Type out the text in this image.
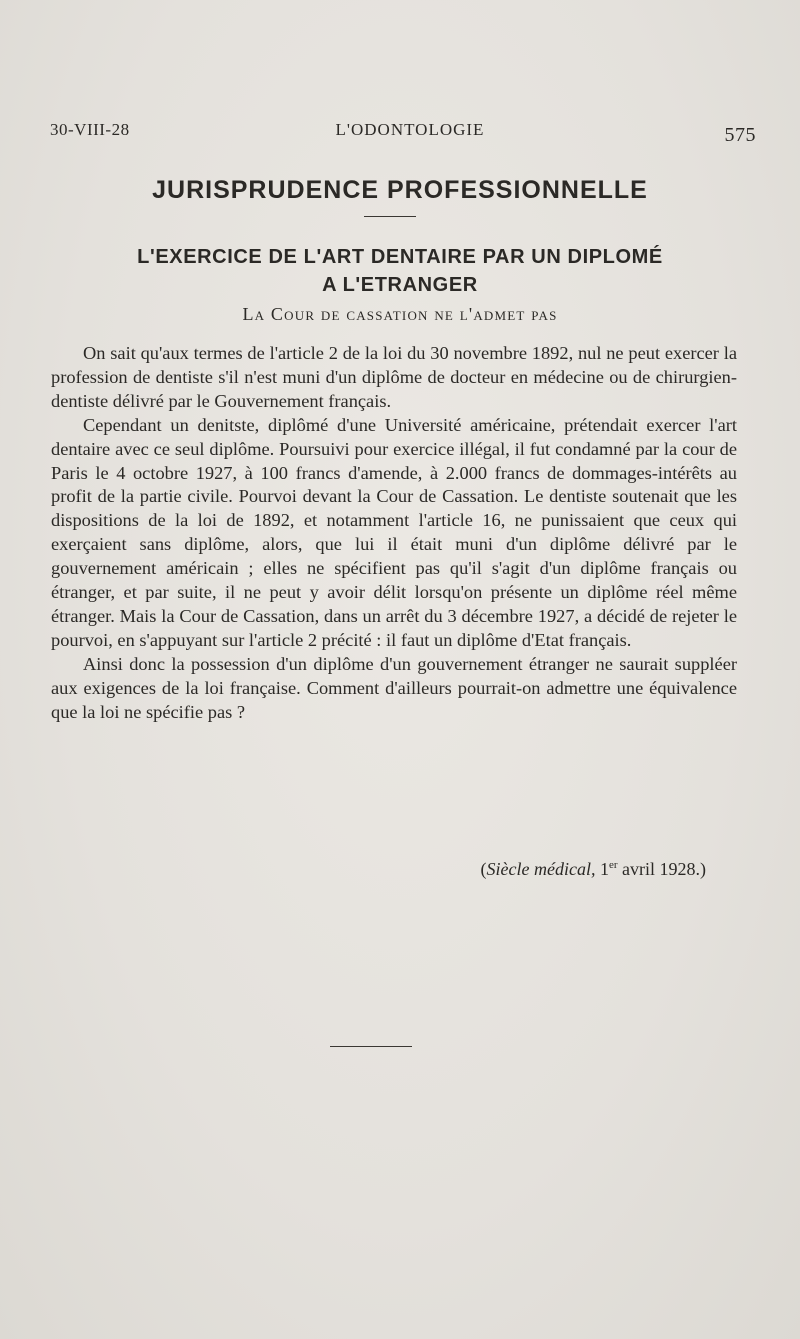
30-VIII-28	L'ODONTOLOGIE	575
JURISPRUDENCE PROFESSIONNELLE
L'EXERCICE DE L'ART DENTAIRE PAR UN DIPLOMÉ
A L'ETRANGER
La Cour de cassation ne l'admet pas

On sait qu'aux termes de l'article 2 de la loi du 30 novembre 1892, nul ne peut exercer la profession de dentiste s'il n'est muni d'un diplôme de docteur en médecine ou de chirurgien-dentiste délivré par le Gouvernement français.

Cependant un denitste, diplômé d'une Université américaine, prétendait exercer l'art dentaire avec ce seul diplôme. Poursuivi pour exercice illégal, il fut condamné par la cour de Paris le 4 octobre 1927, à 100 francs d'amende, à 2.000 francs de dommages-intérêts au profit de la partie civile. Pourvoi devant la Cour de Cassation. Le dentiste soutenait que les dispositions de la loi de 1892, et notamment l'article 16, ne punissaient que ceux qui exerçaient sans diplôme, alors, que lui il était muni d'un diplôme délivré par le gouvernement américain ; elles ne spécifient pas qu'il s'agit d'un diplôme français ou étranger, et par suite, il ne peut y avoir délit lorsqu'on présente un diplôme réel même étranger. Mais la Cour de Cassation, dans un arrêt du 3 décembre 1927, a décidé de rejeter le pourvoi, en s'appuyant sur l'article 2 précité : il faut un diplôme d'Etat français.

Ainsi donc la possession d'un diplôme d'un gouvernement étranger ne saurait suppléer aux exigences de la loi française. Comment d'ailleurs pourrait-on admettre une équivalence que la loi ne spécifie pas ?

(Siècle médical, 1er avril 1928.)
